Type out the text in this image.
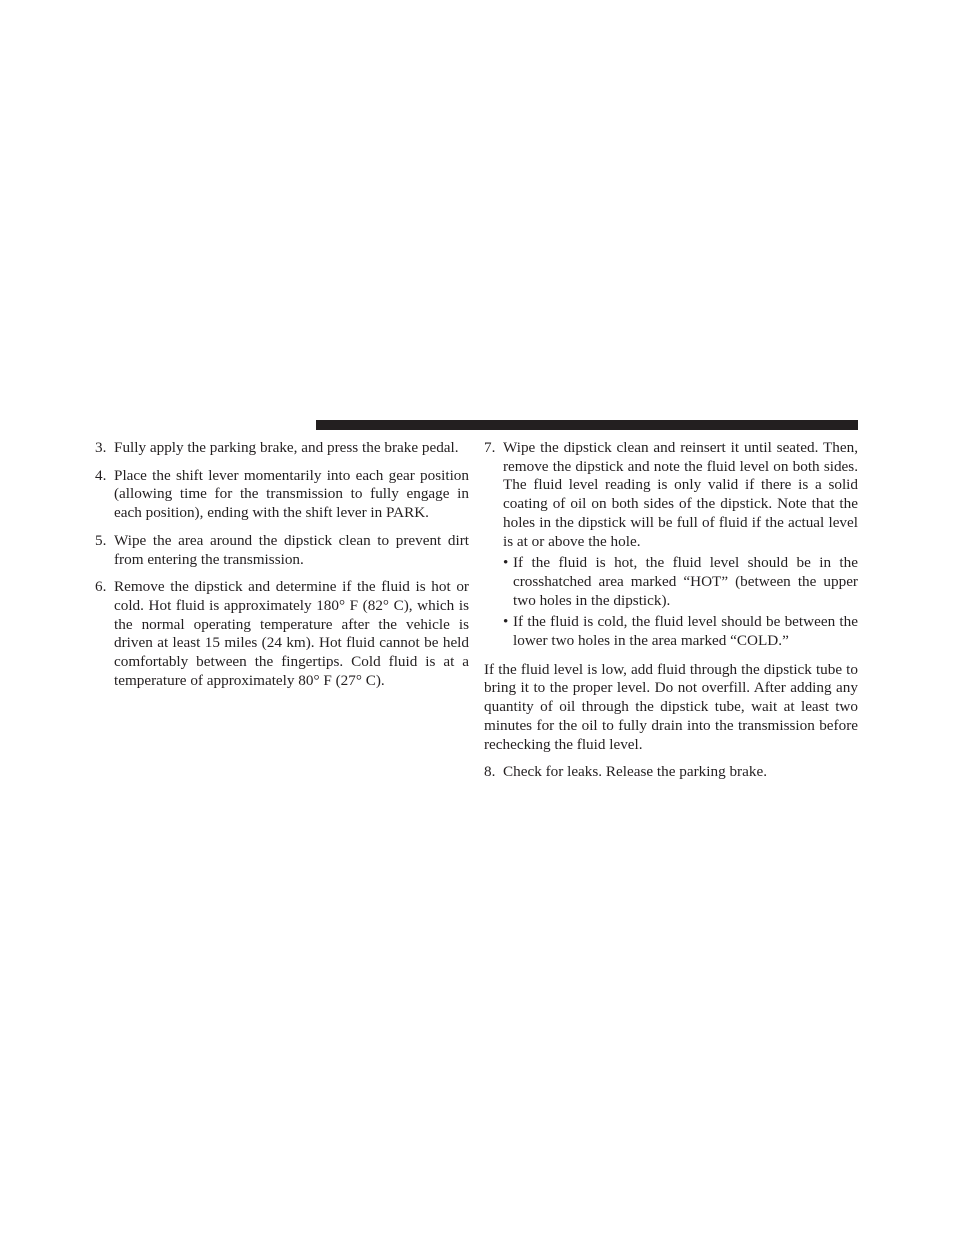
3. Fully apply the parking brake, and press the brake pedal.
4. Place the shift lever momentarily into each gear position (allowing time for the transmission to fully engage in each position), ending with the shift lever in PARK.
5. Wipe the area around the dipstick clean to prevent dirt from entering the transmission.
6. Remove the dipstick and determine if the fluid is hot or cold. Hot fluid is approximately 180° F (82° C), which is the normal operating temperature after the vehicle is driven at least 15 miles (24 km). Hot fluid cannot be held comfortably between the fingertips. Cold fluid is at a temperature of approximately 80° F (27° C).
7. Wipe the dipstick clean and reinsert it until seated. Then, remove the dipstick and note the fluid level on both sides. The fluid level reading is only valid if there is a solid coating of oil on both sides of the dipstick. Note that the holes in the dipstick will be full of fluid if the actual level is at or above the hole.
• If the fluid is hot, the fluid level should be in the crosshatched area marked “HOT” (between the upper two holes in the dipstick).
• If the fluid is cold, the fluid level should be between the lower two holes in the area marked “COLD.”

If the fluid level is low, add fluid through the dipstick tube to bring it to the proper level. Do not overfill. After adding any quantity of oil through the dipstick tube, wait at least two minutes for the oil to fully drain into the transmission before rechecking the fluid level.

8. Check for leaks. Release the parking brake.
